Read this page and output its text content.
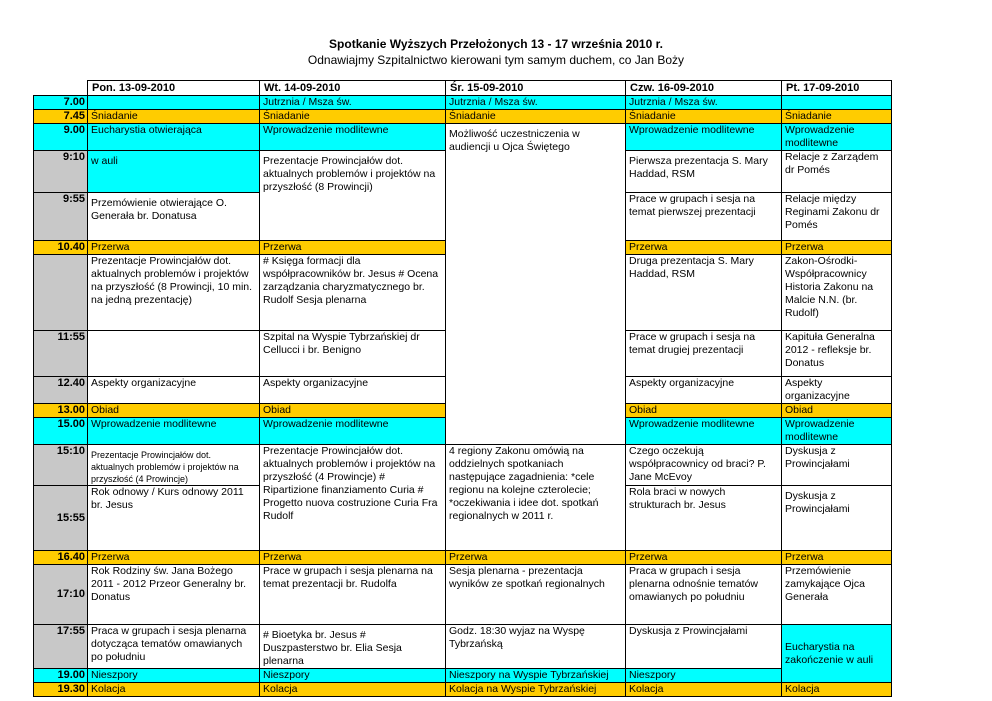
Spotkanie Wyższych Przełożonych 13 - 17 września 2010 r.
Odnawiajmy Szpitalnictwo kierowani tym samym duchem, co Jan Boży
	Pon. 13-09-2010	Wt. 14-09-2010	Śr. 15-09-2010	Czw. 16-09-2010	Pt. 17-09-2010	
7.00		Jutrznia / Msza św.	Jutrznia / Msza św.	Jutrznia / Msza św.		
7.45	Śniadanie	Śniadanie	Śniadanie	Śniadanie	Śniadanie	
9.00	Eucharystia otwierająca	Wprowadzenie modlitewne	Możliwość uczestniczenia w audiencji u Ojca Świętego	Wprowadzenie modlitewne	Wprowadzenie modlitewne	
9:10	w auli	Prezentacje Prowincjałów dot. aktualnych problemów i projektów na przyszłość (8 Prowincji)		Pierwsza prezentacja S. Mary Haddad, RSM	Relacje z Zarządem dr Pomés	
9:55	Przemówienie otwierające O. Generała br. Donatusa			Prace w grupach i sesja na temat pierwszej prezentacji	Relacje między Reginami Zakonu dr Pomés	
10.40	Przerwa	Przerwa		Przerwa	Przerwa	
	Prezentacje Prowincjałów dot. aktualnych problemów i projektów na przyszłość (8 Prowincji, 10 min. na jedną prezentację)	# Księga formacji dla współpracowników br. Jesus # Ocena zarządzania charyzmatycznego br. Rudolf Sesja plenarna		Druga prezentacja S. Mary Haddad, RSM	Zakon-Ośrodki-Współpracownicy Historia Zakonu na Malcie N.N. (br. Rudolf)	
11:55		Szpital na Wyspie Tybrzańskiej dr Cellucci i br. Benigno		Prace w grupach i sesja na temat drugiej prezentacji	Kapituła Generalna 2012 - refleksje br. Donatus	
12.40	Aspekty organizacyjne	Aspekty organizacyjne		Aspekty organizacyjne	Aspekty organizacyjne	
13.00	Obiad	Obiad		Obiad	Obiad	
15.00	Wprowadzenie modlitewne	Wprowadzenie modlitewne		Wprowadzenie modlitewne	Wprowadzenie modlitewne	
15:10	Prezentacje Prowincjałów dot. aktualnych problemów i projektów na przyszłość (4 Prowincje)	Prezentacje Prowincjałów dot. aktualnych problemów i projektów na przyszłość (4 Prowincje) # Ripartizione finanziamento Curia # Progetto nuova costruzione Curia Fra Rudolf	4 regiony Zakonu omówią na oddzielnych spotkaniach następujące zagadnienia: *cele regionu na kolejne czterolecie; *oczekiwania i idee dot. spotkań regionalnych w 2011 r.	Czego oczekują współpracownicy od braci? P. Jane McEvoy	Dyskusja z Prowincjałami	
15:55	Rok odnowy / Kurs odnowy 2011 br. Jesus			Rola braci w nowych strukturach br. Jesus	Dyskusja z Prowincjałami	
16.40	Przerwa	Przerwa	Przerwa	Przerwa	Przerwa	
17:10	Rok Rodziny św. Jana Bożego 2011 - 2012 Przeor Generalny br. Donatus	Prace w grupach i sesja plenarna na temat prezentacji br. Rudolfa	Sesja plenarna - prezentacja wyników ze spotkań regionalnych	Praca w grupach i sesja plenarna odnośnie tematów omawianych po południu	Przemówienie zamykające Ojca Generała	
17:55	Praca w grupach i sesja plenarna dotycząca tematów omawianych po południu	# Bioetyka br. Jesus # Duszpasterstwo br. Elia Sesja plenarna	Godz. 18:30 wyjaz na Wyspę Tybrzańską	Dyskusja z Prowincjałami	Eucharystia na zakończenie w auli	
19.00	Nieszpory	Nieszpory	Nieszpory na Wyspie Tybrzańskiej	Nieszpory		
19.30	Kolacja	Kolacja	Kolacja na Wyspie Tybrzańskiej	Kolacja	Kolacja	
